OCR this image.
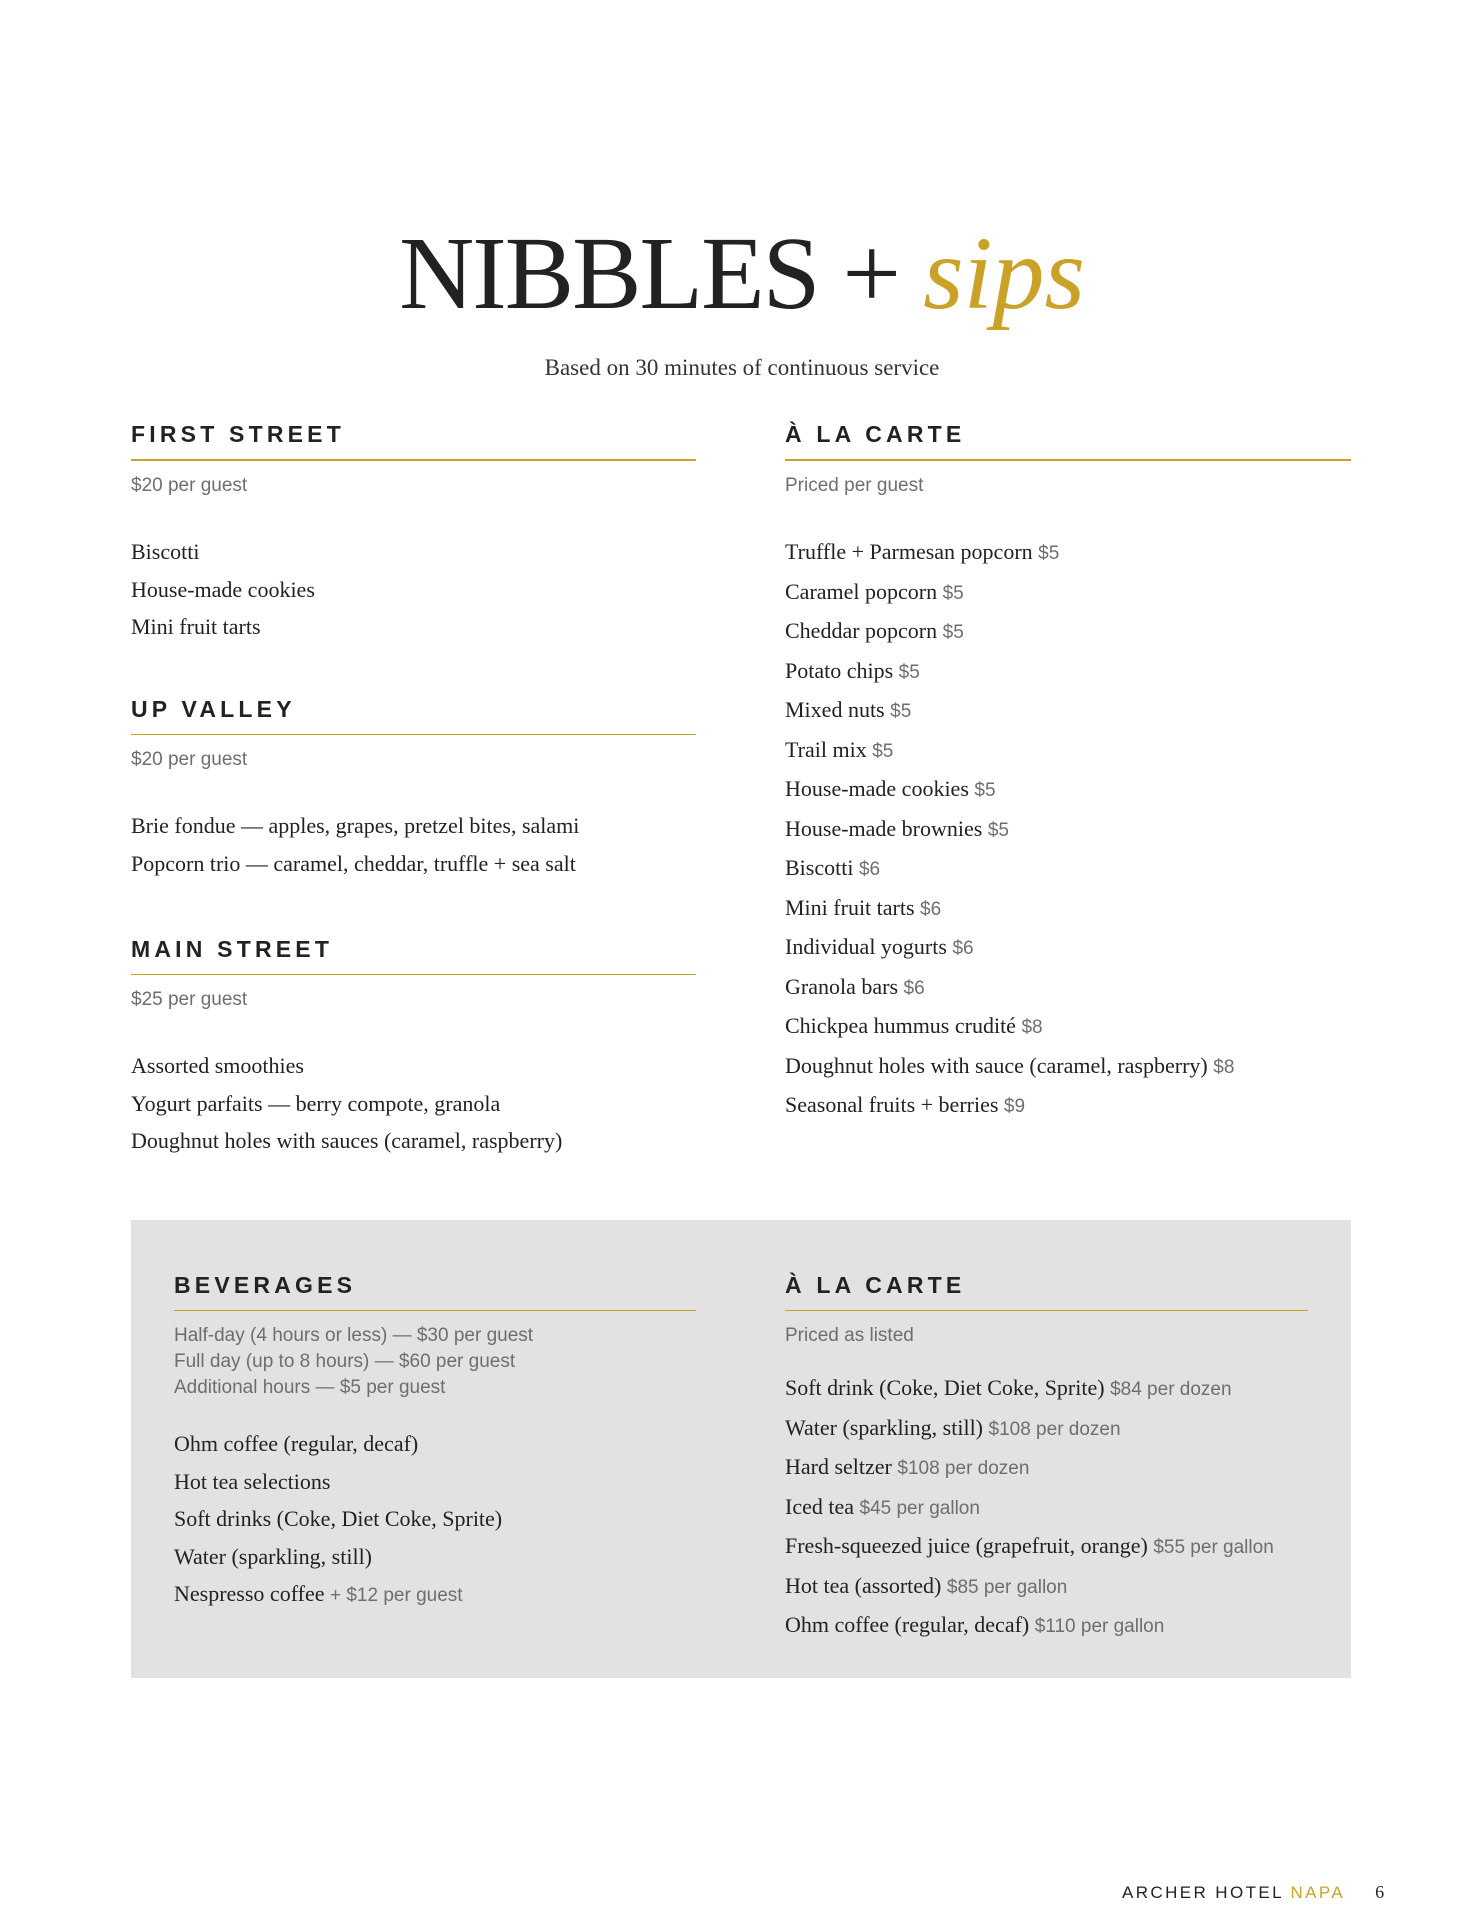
NIBBLES + sips
Based on 30 minutes of continuous service
FIRST STREET
$20 per guest
Biscotti
House-made cookies
Mini fruit tarts
UP VALLEY
$20 per guest
Brie fondue — apples, grapes, pretzel bites, salami
Popcorn trio — caramel, cheddar, truffle + sea salt
MAIN STREET
$25 per guest
Assorted smoothies
Yogurt parfaits — berry compote, granola
Doughnut holes with sauces (caramel, raspberry)
À LA CARTE
Priced per guest
Truffle + Parmesan popcorn $5
Caramel popcorn $5
Cheddar popcorn $5
Potato chips $5
Mixed nuts $5
Trail mix $5
House-made cookies $5
House-made brownies $5
Biscotti $6
Mini fruit tarts $6
Individual yogurts $6
Granola bars $6
Chickpea hummus crudité $8
Doughnut holes with sauce (caramel, raspberry) $8
Seasonal fruits + berries $9
BEVERAGES
Half-day (4 hours or less) — $30 per guest
Full day (up to 8 hours) — $60 per guest
Additional hours — $5 per guest
Ohm coffee (regular, decaf)
Hot tea selections
Soft drinks (Coke, Diet Coke, Sprite)
Water (sparkling, still)
Nespresso coffee + $12 per guest
À LA CARTE
Priced as listed
Soft drink (Coke, Diet Coke, Sprite) $84 per dozen
Water (sparkling, still) $108 per dozen
Hard seltzer $108 per dozen
Iced tea $45 per gallon
Fresh-squeezed juice (grapefruit, orange) $55 per gallon
Hot tea (assorted) $85 per gallon
Ohm coffee (regular, decaf) $110 per gallon
ARCHER HOTEL NAPA 6
